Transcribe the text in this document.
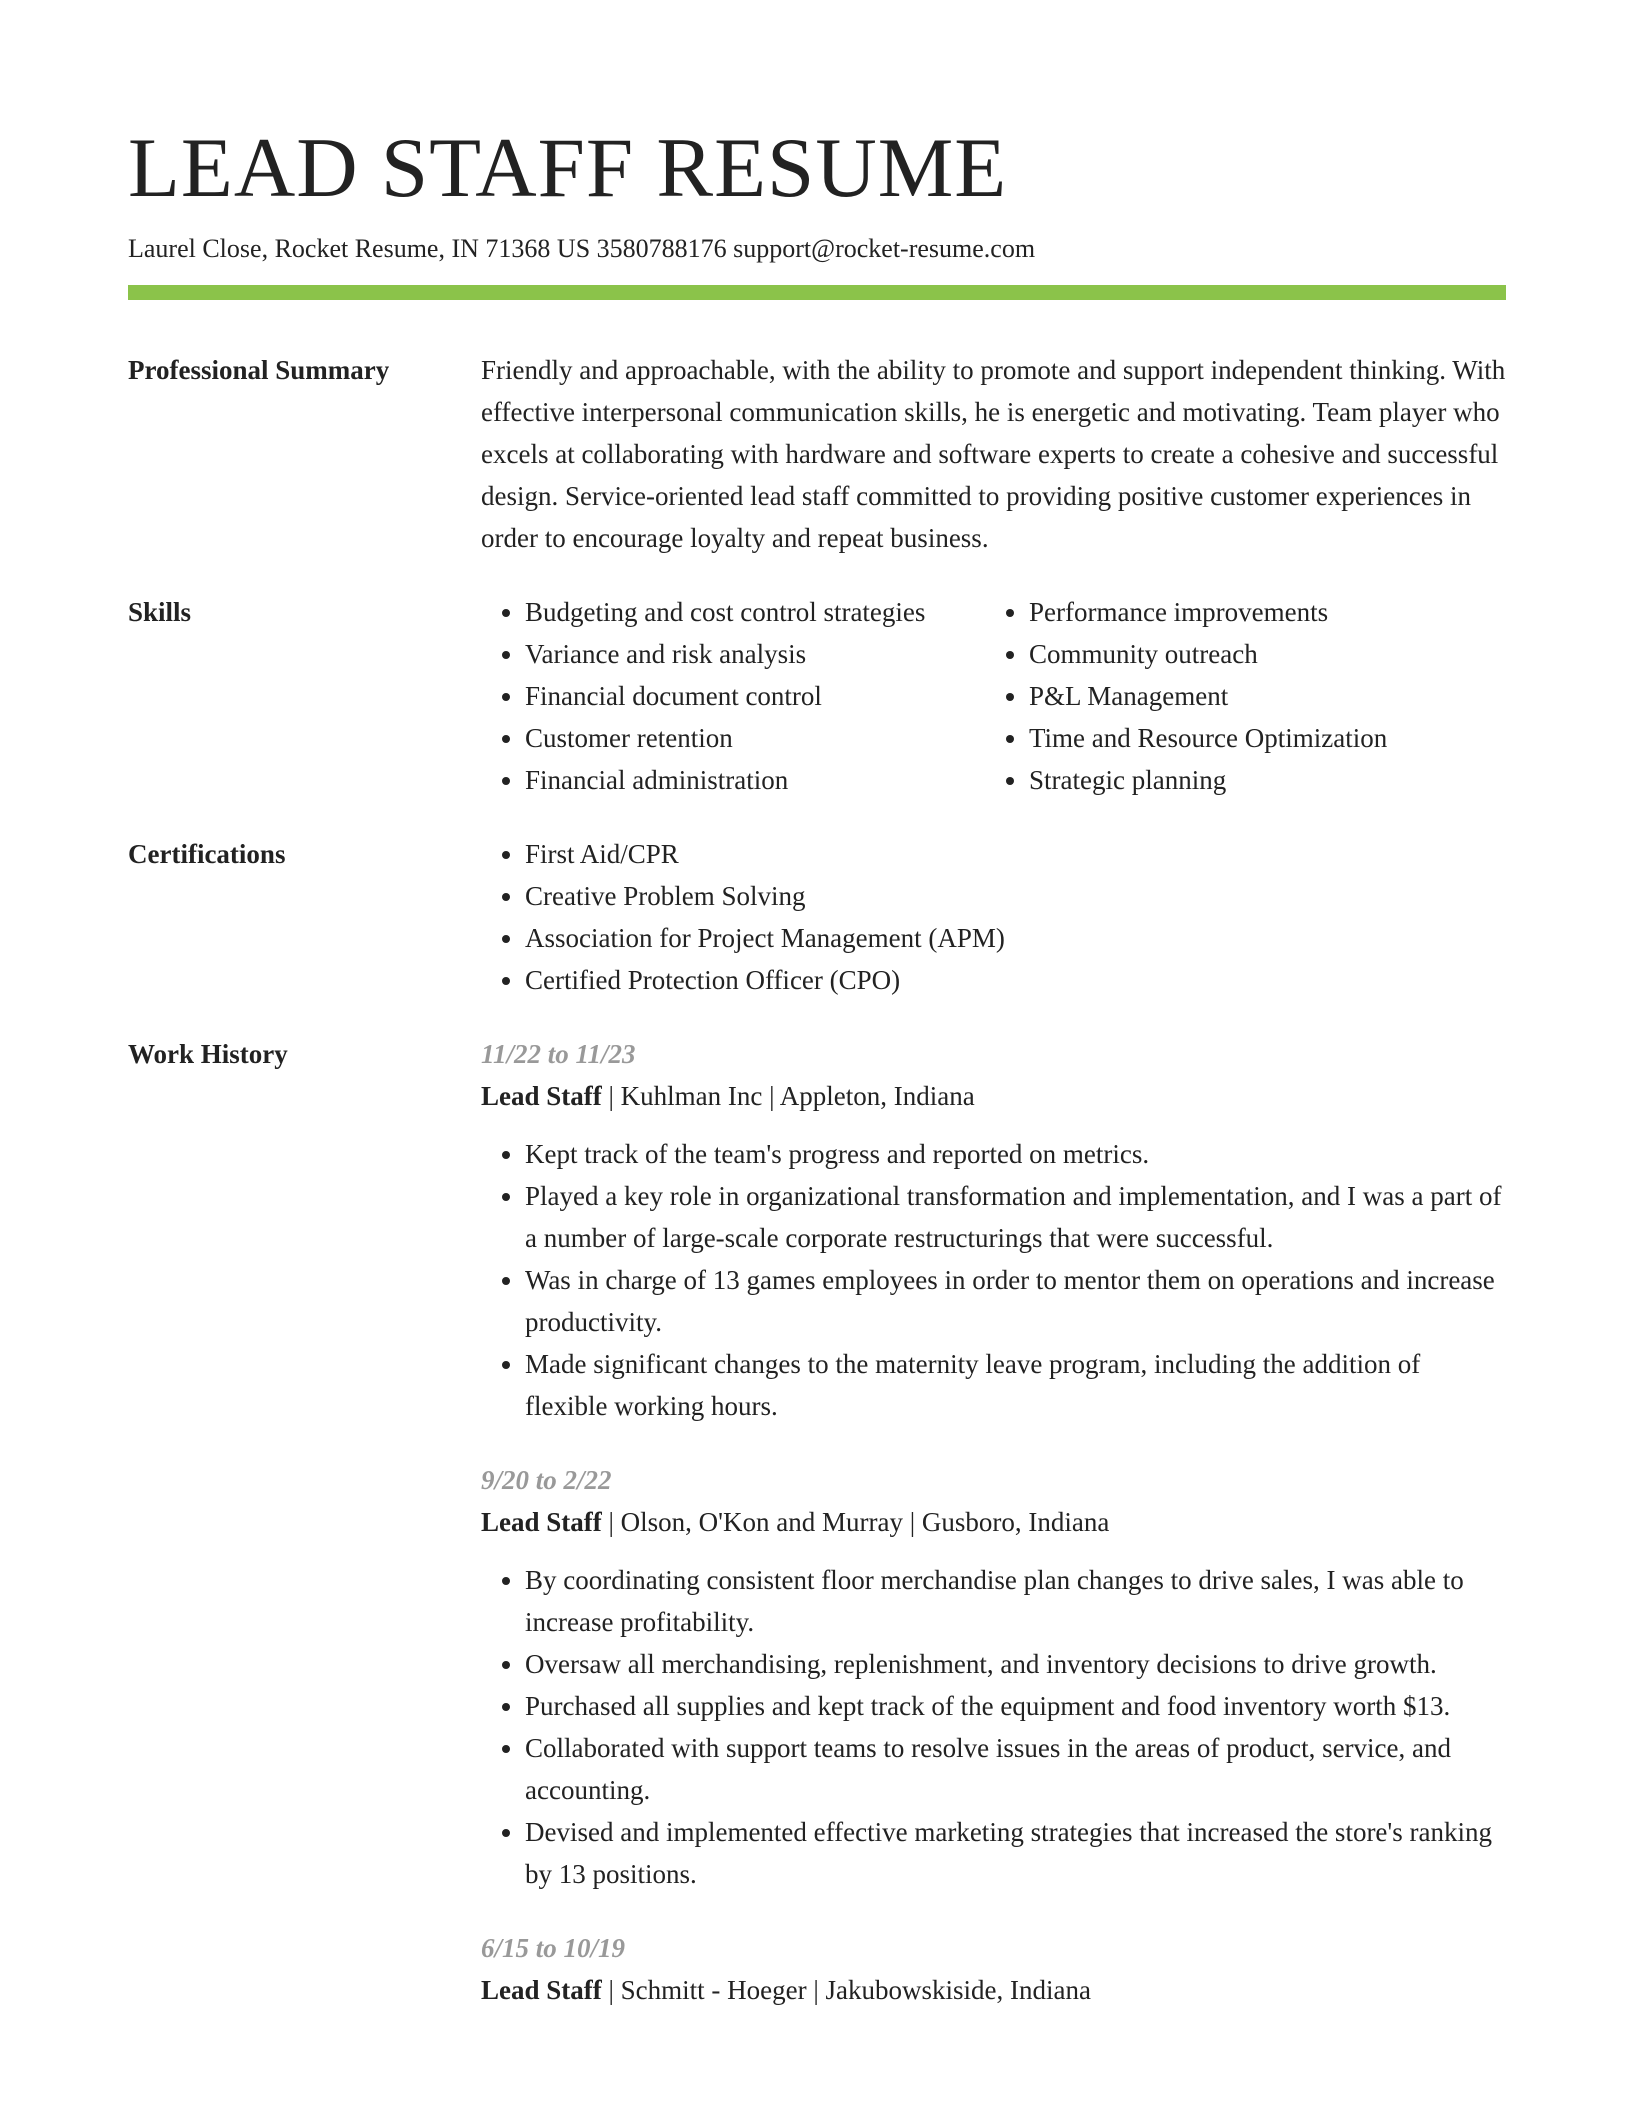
LEAD STAFF RESUME
Laurel Close, Rocket Resume, IN 71368 US 3580788176 support@rocket-resume.com
Professional Summary	Friendly and approachable, with the ability to promote and support independent thinking. With effective interpersonal communication skills, he is energetic and motivating. Team player who excels at collaborating with hardware and software experts to create a cohesive and successful design. Service-oriented lead staff committed to providing positive customer experiences in order to encourage loyalty and repeat business.

Skills	• Budgeting and cost control strategies
• Variance and risk analysis
• Financial document control
• Customer retention
• Financial administration
• Performance improvements
• Community outreach
• P&L Management
• Time and Resource Optimization
• Strategic planning
Certifications	• First Aid/CPR
• Creative Problem Solving
• Association for Project Management (APM)
• Certified Protection Officer (CPO)
Work History	11/22 to 11/23
Lead Staff | Kuhlman Inc | Appleton, Indiana
• Kept track of the team's progress and reported on metrics.
• Played a key role in organizational transformation and implementation, and I was a part of a number of large-scale corporate restructurings that were successful.
• Was in charge of 13 games employees in order to mentor them on operations and increase productivity.
• Made significant changes to the maternity leave program, including the addition of flexible working hours.
9/20 to 2/22
Lead Staff | Olson, O'Kon and Murray | Gusboro, Indiana
• By coordinating consistent floor merchandise plan changes to drive sales, I was able to increase profitability.
• Oversaw all merchandising, replenishment, and inventory decisions to drive growth.
• Purchased all supplies and kept track of the equipment and food inventory worth $13.
• Collaborated with support teams to resolve issues in the areas of product, service, and accounting.
• Devised and implemented effective marketing strategies that increased the store's ranking by 13 positions.
6/15 to 10/19
Lead Staff | Schmitt - Hoeger | Jakubowskiside, Indiana
